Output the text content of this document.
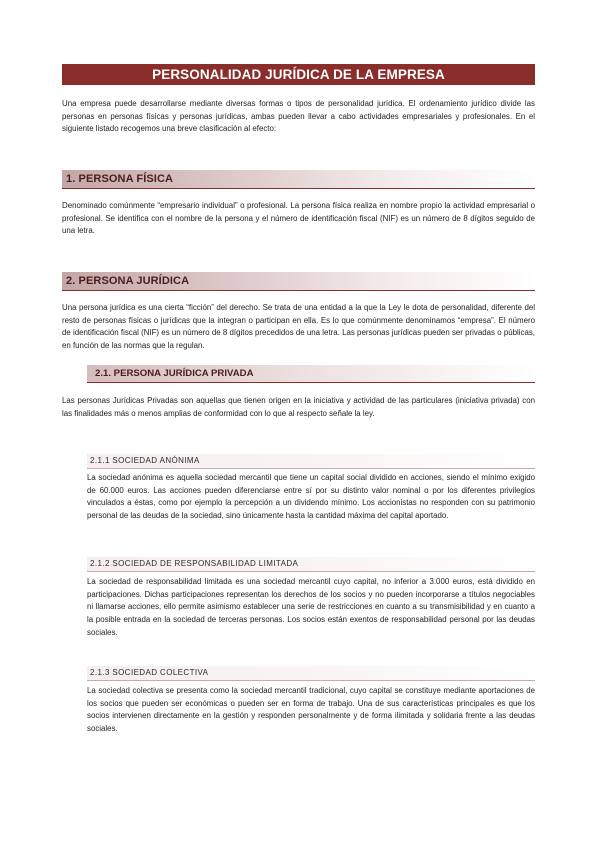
PERSONALIDAD JURÍDICA DE LA EMPRESA

Una empresa puede desarrollarse mediante diversas formas o tipos de personalidad jurídica. El ordenamiento jurídico divide las personas en personas físicas y personas jurídicas, ambas pueden llevar a cabo actividades empresariales y profesionales. En el siguiente listado recogemos una breve clasificación al efecto:

1. PERSONA FÍSICA

Denominado comúnmente “empresario individual” o profesional. La persona física realiza en nombre propio la actividad empresarial o profesional. Se identifica con el nombre de la persona y el número de identificación fiscal (NIF) es un número de 8 dígitos seguido de una letra.

2. PERSONA JURÍDICA

Una persona jurídica es una cierta “ficción” del derecho. Se trata de una entidad a la que la Ley le dota de personalidad, diferente del resto de personas físicas o jurídicas que la integran o participan en ella. Es lo que comúnmente denominamos “empresa”. El número de identificación fiscal (NIF) es un número de 8 dígitos precedidos de una letra. Las personas jurídicas pueden ser privadas o públicas, en función de las normas que la regulan.

2.1. PERSONA JURÍDICA PRIVADA

Las personas Jurídicas Privadas son aquellas que tienen origen en la iniciativa y actividad de las particulares (iniciativa privada) con las finalidades más o menos amplias de conformidad con lo que al respecto señale la ley.

2.1.1 SOCIEDAD ANÓNIMA

La sociedad anónima es aquella sociedad mercantil que tiene un capital social dividido en acciones, siendo el mínimo exigido de 60.000 euros. Las acciones pueden diferenciarse entre sí por su distinto valor nominal o por los diferentes privilegios vinculados a éstas, como por ejemplo la percepción a un dividendo mínimo. Los accionistas no responden con su patrimonio personal de las deudas de la sociedad, sino únicamente hasta la cantidad máxima del capital aportado.

2.1.2 SOCIEDAD DE RESPONSABILIDAD LIMITADA

La sociedad de responsabilidad limitada es una sociedad mercantil cuyo capital, no inferior a 3.000 euros, está dividido en participaciones. Dichas participaciones representan los derechos de los socios y no pueden incorporarse a títulos negociables ni llamarse acciones, ello permite asimismo establecer una serie de restricciones en cuanto a su transmisibilidad y en cuanto a la posible entrada en la sociedad de terceras personas. Los socios están exentos de responsabilidad personal por las deudas sociales.

2.1.3 SOCIEDAD COLECTIVA

La sociedad colectiva se presenta como la sociedad mercantil tradicional, cuyo capital se constituye mediante aportaciones de los socios que pueden ser económicas o pueden ser en forma de trabajo. Una de sus características principales es que los socios intervienen directamente en la gestión y responden personalmente y de forma ilimitada y solidaria frente a las deudas sociales.
